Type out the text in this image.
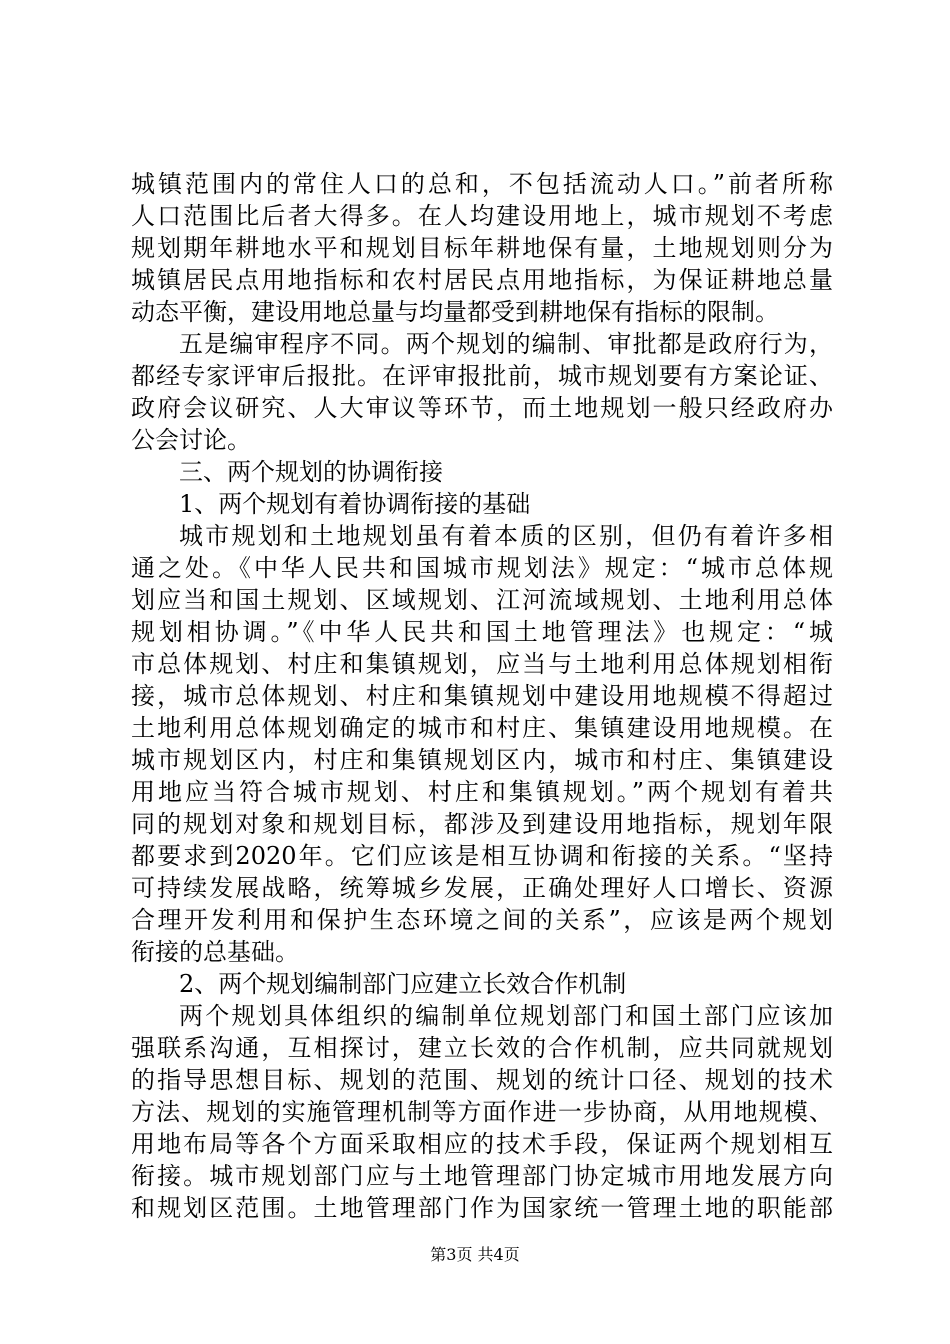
城镇范围内的常住人口的总和，不包括流动人口。”前者所称
人口范围比后者大得多。在人均建设用地上，城市规划不考虑
规划期年耕地水平和规划目标年耕地保有量，土地规划则分为
城镇居民点用地指标和农村居民点用地指标，为保证耕地总量
动态平衡，建设用地总量与均量都受到耕地保有指标的限制。
五是编审程序不同。两个规划的编制、审批都是政府行为，
都经专家评审后报批。在评审报批前，城市规划要有方案论证、
政府会议研究、人大审议等环节，而土地规划一般只经政府办
公会讨论。
三、两个规划的协调衔接
1、两个规划有着协调衔接的基础
城市规划和土地规划虽有着本质的区别，但仍有着许多相
通之处。《中华人民共和国城市规划法》规定：“城市总体规
划应当和国土规划、区域规划、江河流域规划、土地利用总体
规划相协调。”《中华人民共和国土地管理法》也规定：“城
市总体规划、村庄和集镇规划，应当与土地利用总体规划相衔
接，城市总体规划、村庄和集镇规划中建设用地规模不得超过
土地利用总体规划确定的城市和村庄、集镇建设用地规模。在
城市规划区内，村庄和集镇规划区内，城市和村庄、集镇建设
用地应当符合城市规划、村庄和集镇规划。”两个规划有着共
同的规划对象和规划目标，都涉及到建设用地指标，规划年限
都要求到2020年。它们应该是相互协调和衔接的关系。“坚持
可持续发展战略，统筹城乡发展，正确处理好人口增长、资源
合理开发利用和保护生态环境之间的关系”，应该是两个规划
衔接的总基础。
2、两个规划编制部门应建立长效合作机制
两个规划具体组织的编制单位规划部门和国土部门应该加
强联系沟通，互相探讨，建立长效的合作机制，应共同就规划
的指导思想目标、规划的范围、规划的统计口径、规划的技术
方法、规划的实施管理机制等方面作进一步协商，从用地规模、
用地布局等各个方面采取相应的技术手段，保证两个规划相互
衔接。城市规划部门应与土地管理部门协定城市用地发展方向
和规划区范围。土地管理部门作为国家统一管理土地的职能部
第3页 共4页
